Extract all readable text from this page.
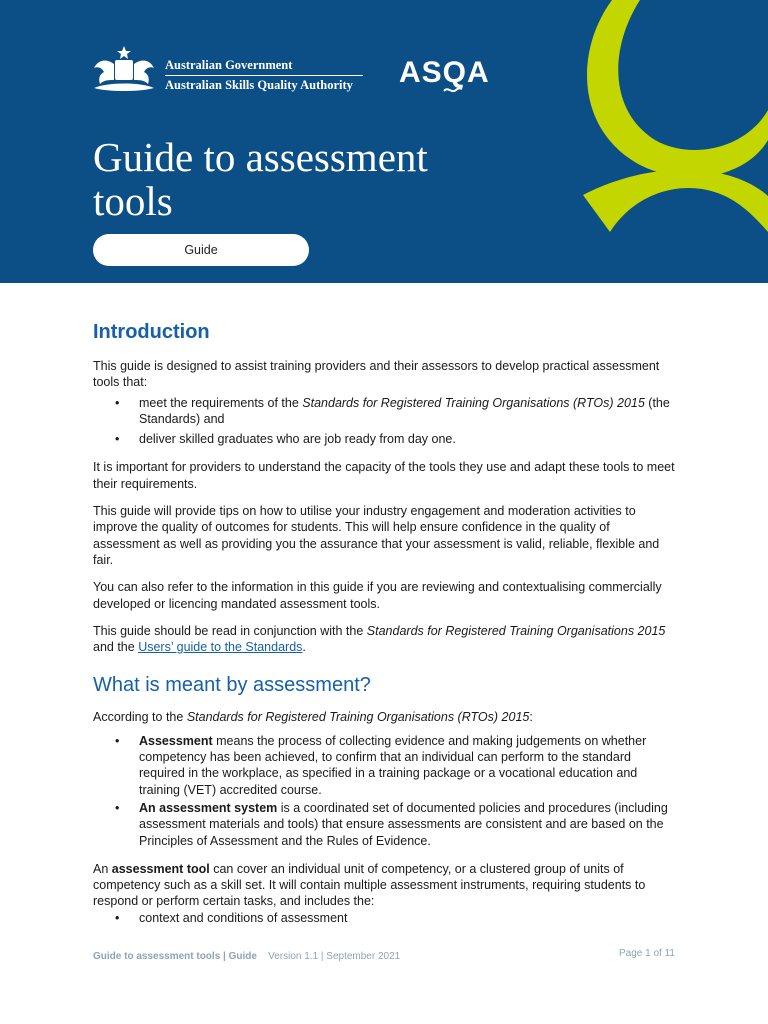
Australian Government
Australian Skills Quality Authority	ASQA
Guide to assessment tools
Guide
Introduction

This guide is designed to assist training providers and their assessors to develop practical assessment tools that:

• meet the requirements of the Standards for Registered Training Organisations (RTOs) 2015 (the Standards) and
• deliver skilled graduates who are job ready from day one.

It is important for providers to understand the capacity of the tools they use and adapt these tools to meet their requirements.

This guide will provide tips on how to utilise your industry engagement and moderation activities to improve the quality of outcomes for students. This will help ensure confidence in the quality of assessment as well as providing you the assurance that your assessment is valid, reliable, flexible and fair.

You can also refer to the information in this guide if you are reviewing and contextualising commercially developed or licencing mandated assessment tools.

This guide should be read in conjunction with the Standards for Registered Training Organisations 2015 and the Users’ guide to the Standards.

What is meant by assessment?

According to the Standards for Registered Training Organisations (RTOs) 2015:

• Assessment means the process of collecting evidence and making judgements on whether competency has been achieved, to confirm that an individual can perform to the standard required in the workplace, as specified in a training package or a vocational education and training (VET) accredited course.
• An assessment system is a coordinated set of documented policies and procedures (including assessment materials and tools) that ensure assessments are consistent and are based on the Principles of Assessment and the Rules of Evidence.

An assessment tool can cover an individual unit of competency, or a clustered group of units of competency such as a skill set. It will contain multiple assessment instruments, requiring students to respond or perform certain tasks, and includes the:

• context and conditions of assessment
Guide to assessment tools | Guide Version 1.1 | September 2021	Page 1 of 11
